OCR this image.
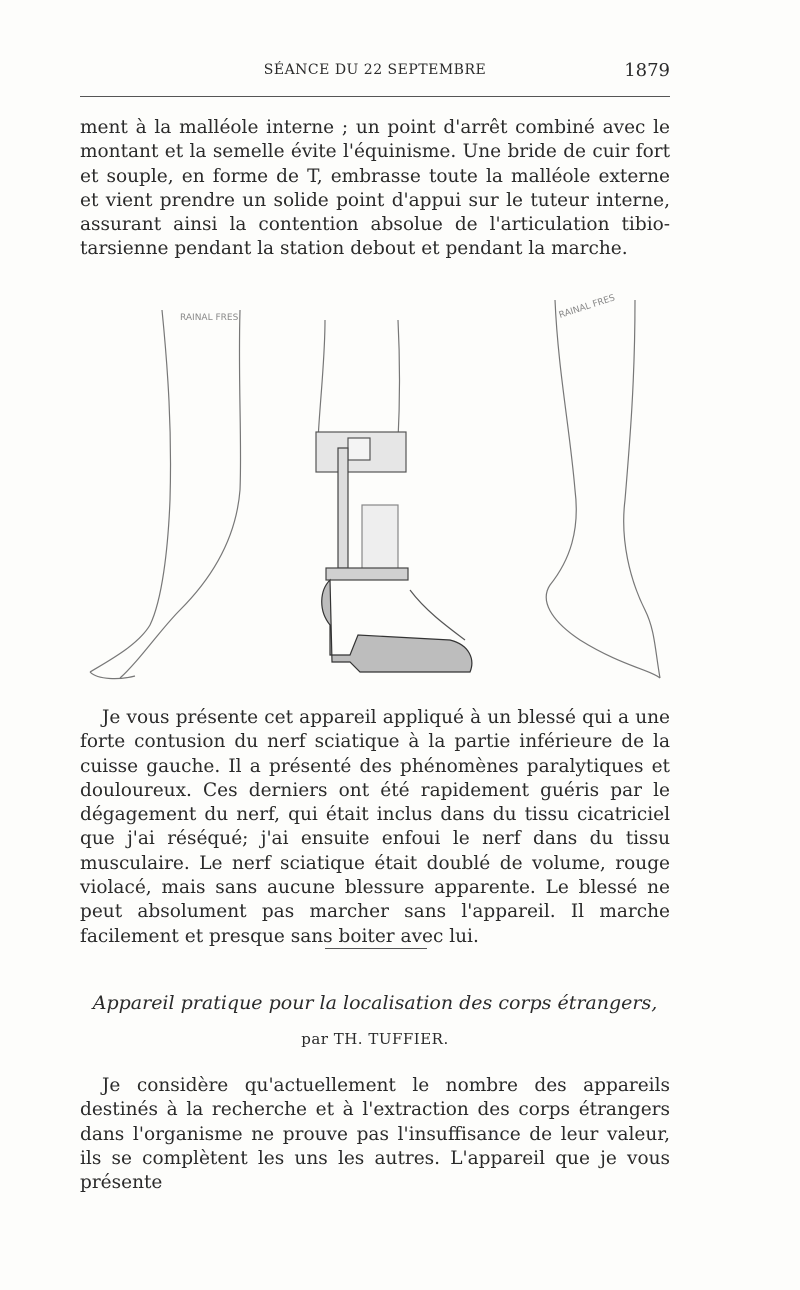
SÉANCE DU 22 SEPTEMBRE	1879

ment à la malléole interne ; un point d'arrêt combiné avec le montant et la semelle évite l'équinisme. Une bride de cuir fort et souple, en forme de T, embrasse toute la malléole externe et vient prendre un solide point d'appui sur le tuteur interne, assurant ainsi la contention absolue de l'articulation tibio-tarsienne pendant la station debout et pendant la marche.

RAINAL FRES	RAINAL FRES

Je vous présente cet appareil appliqué à un blessé qui a une forte contusion du nerf sciatique à la partie inférieure de la cuisse gauche. Il a présenté des phénomènes paralytiques et douloureux. Ces derniers ont été rapidement guéris par le dégagement du nerf, qui était inclus dans du tissu cicatriciel que j'ai réséqué; j'ai ensuite enfoui le nerf dans du tissu musculaire. Le nerf sciatique était doublé de volume, rouge violacé, mais sans aucune blessure apparente. Le blessé ne peut absolument pas marcher sans l'appareil. Il marche facilement et presque sans boiter avec lui.

Appareil pratique pour la localisation des corps étrangers,
par TH. TUFFIER.

Je considère qu'actuellement le nombre des appareils destinés à la recherche et à l'extraction des corps étrangers dans l'organisme ne prouve pas l'insuffisance de leur valeur, ils se complètent les uns les autres. L'appareil que je vous présente
